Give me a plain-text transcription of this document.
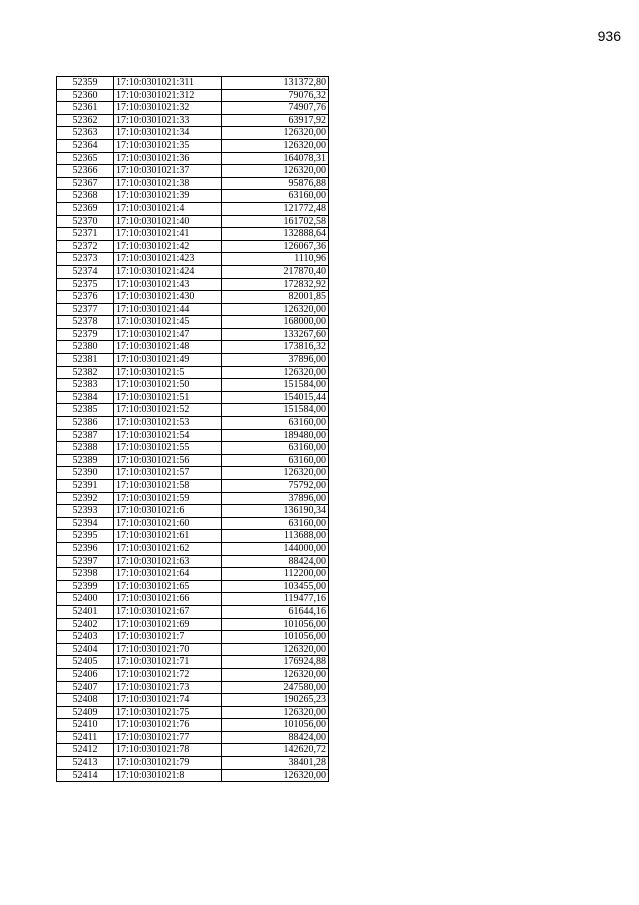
936
52359	17:10:0301021:311	131372,80
52360	17:10:0301021:312	79076,32
52361	17:10:0301021:32	74907,76
52362	17:10:0301021:33	63917,92
52363	17:10:0301021:34	126320,00
52364	17:10:0301021:35	126320,00
52365	17:10:0301021:36	164078,31
52366	17:10:0301021:37	126320,00
52367	17:10:0301021:38	95876,88
52368	17:10:0301021:39	63160,00
52369	17:10:0301021:4	121772,48
52370	17:10:0301021:40	161702,58
52371	17:10:0301021:41	132888,64
52372	17:10:0301021:42	126067,36
52373	17:10:0301021:423	1110,96
52374	17:10:0301021:424	217870,40
52375	17:10:0301021:43	172832,92
52376	17:10:0301021:430	82001,85
52377	17:10:0301021:44	126320,00
52378	17:10:0301021:45	168000,00
52379	17:10:0301021:47	133267,60
52380	17:10:0301021:48	173816,32
52381	17:10:0301021:49	37896,00
52382	17:10:0301021:5	126320,00
52383	17:10:0301021:50	151584,00
52384	17:10:0301021:51	154015,44
52385	17:10:0301021:52	151584,00
52386	17:10:0301021:53	63160,00
52387	17:10:0301021:54	189480,00
52388	17:10:0301021:55	63160,00
52389	17:10:0301021:56	63160,00
52390	17:10:0301021:57	126320,00
52391	17:10:0301021:58	75792,00
52392	17:10:0301021:59	37896,00
52393	17:10:0301021:6	136190,34
52394	17:10:0301021:60	63160,00
52395	17:10:0301021:61	113688,00
52396	17:10:0301021:62	144000,00
52397	17:10:0301021:63	88424,00
52398	17:10:0301021:64	112200,00
52399	17:10:0301021:65	103455,00
52400	17:10:0301021:66	119477,16
52401	17:10:0301021:67	61644,16
52402	17:10:0301021:69	101056,00
52403	17:10:0301021:7	101056,00
52404	17:10:0301021:70	126320,00
52405	17:10:0301021:71	176924,88
52406	17:10:0301021:72	126320,00
52407	17:10:0301021:73	247580,00
52408	17:10:0301021:74	190265,23
52409	17:10:0301021:75	126320,00
52410	17:10:0301021:76	101056,00
52411	17:10:0301021:77	88424,00
52412	17:10:0301021:78	142620,72
52413	17:10:0301021:79	38401,28
52414	17:10:0301021:8	126320,00
